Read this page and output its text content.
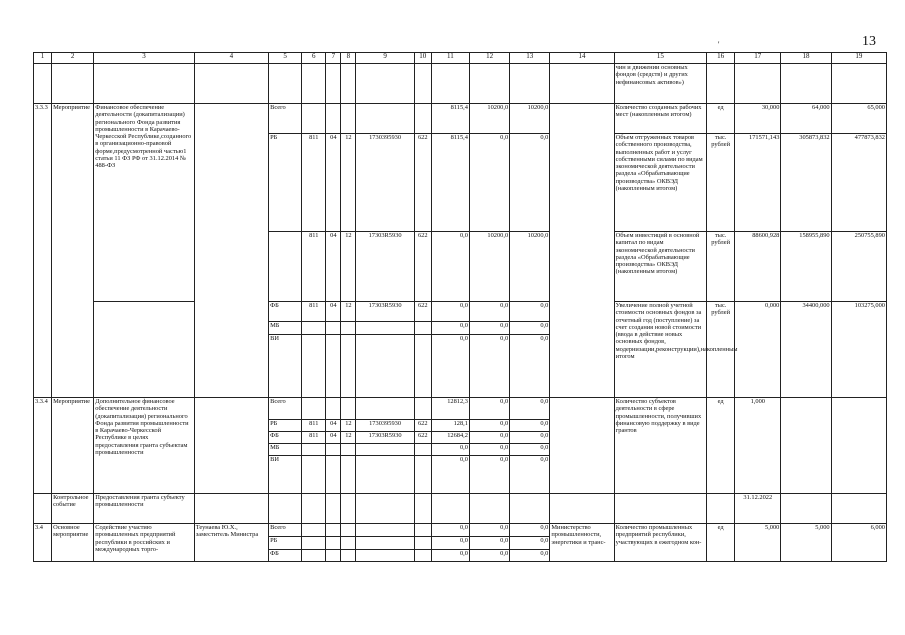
13
'
1	2	3	4	5	6	7	8	9	10	11	12	13	14	15	16	17	18	19
														чин и движении основных фондов (средств) и других нефинансовых активов»)				
3.3.3	Мероприятие	Финансовое обеспечение деятельности (докапитализации) регионального Фонда развития промышленности в Карачаево-Черкесской Республике,созданного в организационно-правовой форме,предусмотренной частью1 статьи 11 ФЗ РФ от 31.12.2014 № 488-ФЗ		Всего						8115,4	10200,0	10200,0		Количество созданных рабочих мест (накопленным итогом)	ед	30,000	64,000	65,000
				РБ	811	04	12	1730395930	622	8115,4	0,0	0,0		Объем отгруженных товаров собственного производства, выполненных работ и услуг собственными силами по видам экономической деятельности раздела «Обрабатывающие производства» ОКВЭД (накопленным итогом)	тыс. рублей	171571,143	305873,832	477873,832
					811	04	12	17303R5930	622	0,0	10200,0	10200,0		Объем инвестиций в основной капитал по видам экономической деятельности раздела «Обрабатывающие производства» ОКВЭД (накопленным итогом)	тыс. рублей	88600,928	158955,890	250755,890
				ФБ	811	04	12	17303R5930	622	0,0	0,0	0,0		Увеличение полной учетной стоимости основных фондов за отчетный год (поступление) за счет создания новой стоимости (ввода в действие новых основных фондов, модернизации,реконструкции),накопленным итогом	тыс. рублей	0,000	34400,000	103275,000
				МБ						0,0	0,0	0,0						
				ВИ						0,0	0,0	0,0						
3.3.4	Мероприятие	Дополнительное финансовое обеспечение деятельности (докапитализация) регионального Фонда развития промышленности в Карачаево-Черкесской Республике в целях предоставления гранта субъектам промышленности		Всего						12812,3	0,0	0,0		Количество субъектов деятельности в сфере промышленности, получивших финансовую поддержку в виде грантов	ед	1,000		
				РБ	811	04	12	1730395930	622	128,1	0,0	0,0						
				ФБ	811	04	12	17303R5930	622	12684,2	0,0	0,0						
				МБ						0,0	0,0	0,0						
				ВИ						0,0	0,0	0,0						
	Контрольное событие	Предоставления гранта субъекту промышленности														31.12.2022		
3.4	Основное мероприятие	Содействие участию промышленных предприятий республики в российских и международных торго-	Теунаева Ю.Х., заместитель Министра	Всего						0,0	0,0	0,0	Министерство промышленности, энергетики и транс-	Количество промышленных предприятий республики, участвующих в ежегодном кон-	ед	5,000	5,000	6,000
				РБ						0,0	0,0	0,0						
				ФБ						0,0	0,0	0,0						
